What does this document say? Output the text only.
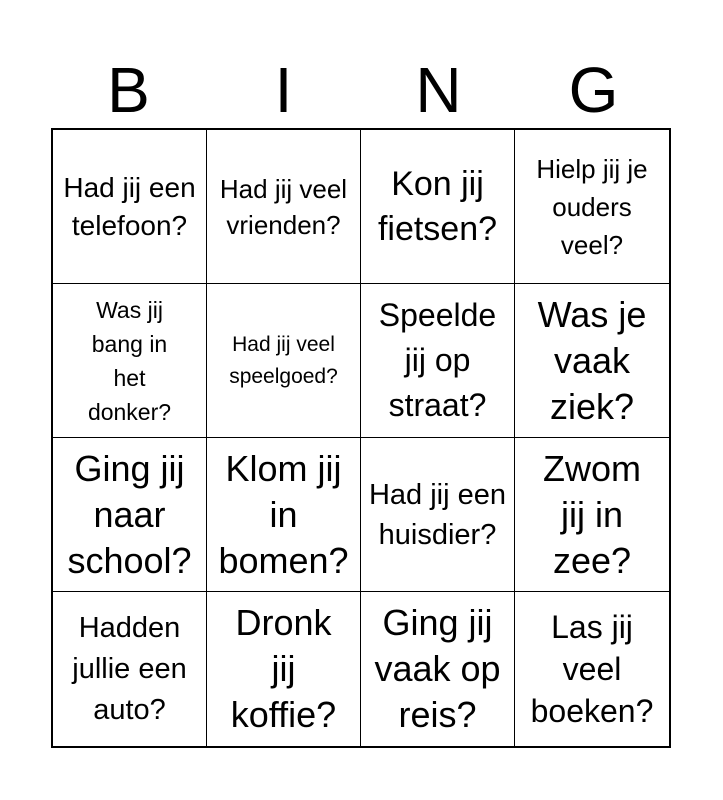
B	I	N	G
Had jij een telefoon?
Had jij veel vrienden?
Kon jij fietsen?
Hielp jij je ouders veel?
Was jij bang in het donker?
Had jij veel speelgoed?
Speelde jij op straat?
Was je vaak ziek?
Ging jij naar school?
Klom jij in bomen?
Had jij een huisdier?
Zwom jij in zee?
Hadden jullie een auto?
Dronk jij koffie?
Ging jij vaak op reis?
Las jij veel boeken?
